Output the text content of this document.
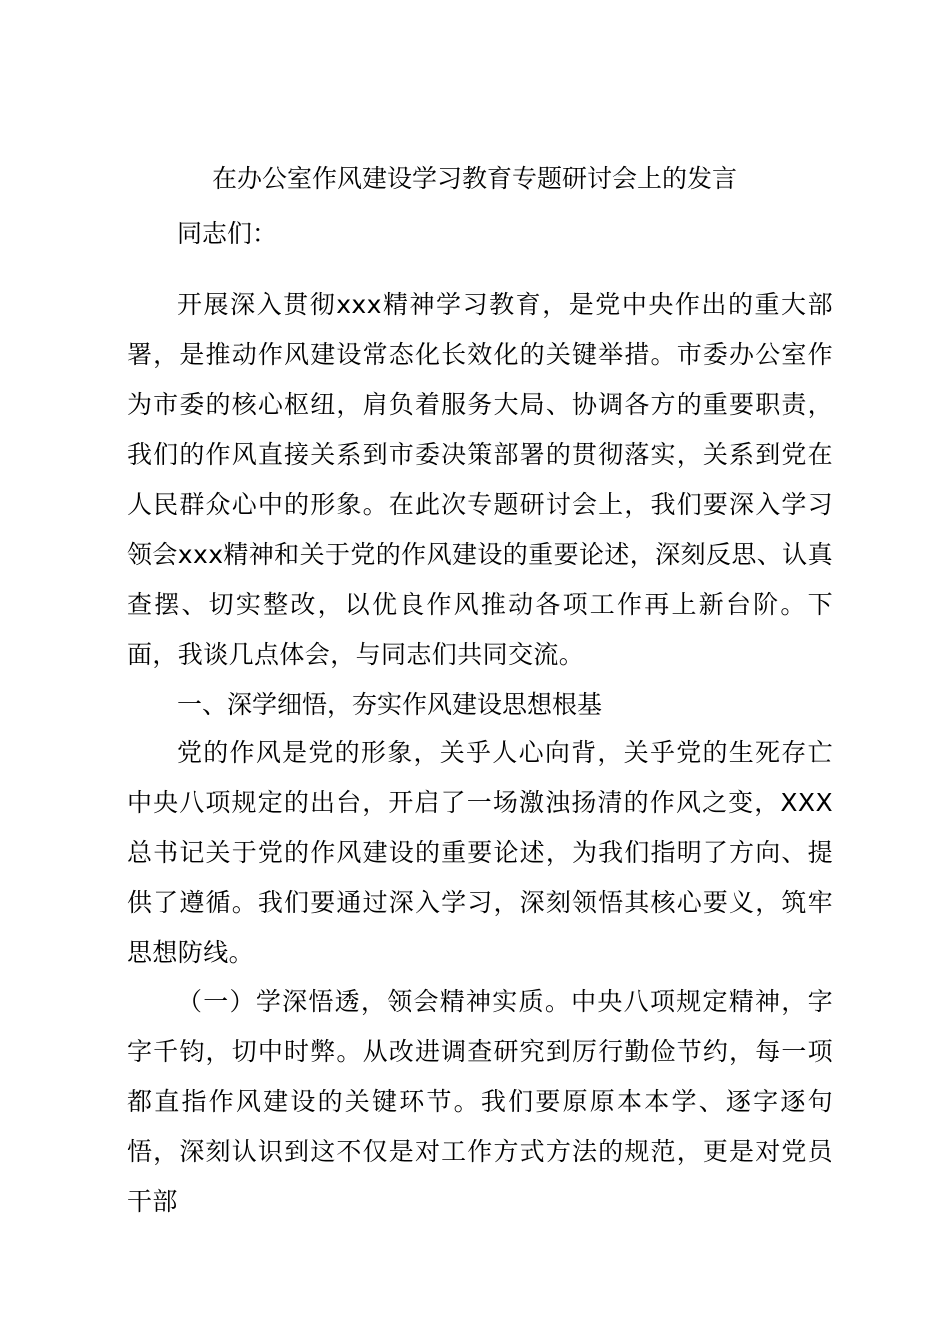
在办公室作风建设学习教育专题研讨会上的发言

同志们：

开展深入贯彻xxx精神学习教育，是党中央作出的重大部署，是推动作风建设常态化长效化的关键举措。市委办公室作为市委的核心枢纽，肩负着服务大局、协调各方的重要职责，我们的作风直接关系到市委决策部署的贯彻落实，关系到党在人民群众心中的形象。在此次专题研讨会上，我们要深入学习领会xxx精神和关于党的作风建设的重要论述，深刻反思、认真查摆、切实整改，以优良作风推动各项工作再上新台阶。下面，我谈几点体会，与同志们共同交流。

一、深学细悟，夯实作风建设思想根基

党的作风是党的形象，关乎人心向背，关乎党的生死存亡中央八项规定的出台，开启了一场激浊扬清的作风之变，XXX总书记关于党的作风建设的重要论述，为我们指明了方向、提供了遵循。我们要通过深入学习，深刻领悟其核心要义，筑牢思想防线。

（一）学深悟透，领会精神实质。中央八项规定精神，字字千钧，切中时弊。从改进调查研究到厉行勤俭节约，每一项都直指作风建设的关键环节。我们要原原本本学、逐字逐句悟，深刻认识到这不仅是对工作方式方法的规范，更是对党员干部
